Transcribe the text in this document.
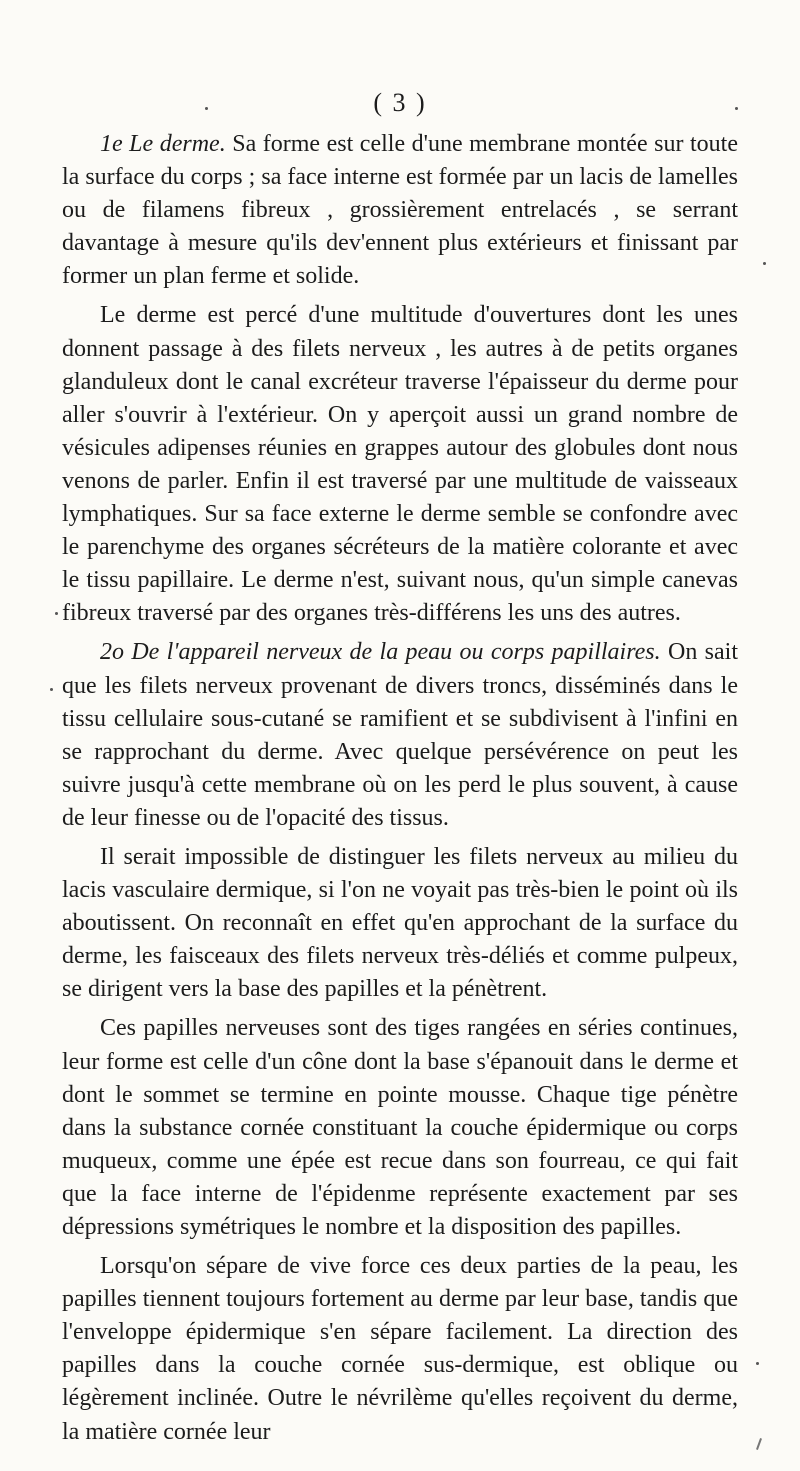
( 3 )

1e Le derme. Sa forme est celle d'une membrane montée sur toute la surface du corps ; sa face interne est formée par un lacis de lamelles ou de filamens fibreux , grossièrement entrelacés , se serrant davantage à mesure qu'ils dev'ennent plus extérieurs et finissant par former un plan ferme et solide.

Le derme est percé d'une multitude d'ouvertures dont les unes donnent passage à des filets nerveux , les autres à de petits organes glanduleux dont le canal excréteur traverse l'épaisseur du derme pour aller s'ouvrir à l'extérieur. On y aperçoit aussi un grand nombre de vésicules adipenses réunies en grappes autour des globules dont nous venons de parler. Enfin il est traversé par une multitude de vaisseaux lymphatiques. Sur sa face externe le derme semble se confondre avec le parenchyme des organes sécréteurs de la matière colorante et avec le tissu papillaire. Le derme n'est, suivant nous, qu'un simple canevas fibreux traversé par des organes très-différens les uns des autres.

2o De l'appareil nerveux de la peau ou corps papillaires. On sait que les filets nerveux provenant de divers troncs, disséminés dans le tissu cellulaire sous-cutané se ramifient et se subdivisent à l'infini en se rapprochant du derme. Avec quelque persévérence on peut les suivre jusqu'à cette membrane où on les perd le plus souvent, à cause de leur finesse ou de l'opacité des tissus.

Il serait impossible de distinguer les filets nerveux au milieu du lacis vasculaire dermique, si l'on ne voyait pas très-bien le point où ils aboutissent. On reconnaît en effet qu'en approchant de la surface du derme, les faisceaux des filets nerveux très-déliés et comme pulpeux, se dirigent vers la base des papilles et la pénètrent.

Ces papilles nerveuses sont des tiges rangées en séries continues, leur forme est celle d'un cône dont la base s'épanouit dans le derme et dont le sommet se termine en pointe mousse. Chaque tige pénètre dans la substance cornée constituant la couche épidermique ou corps muqueux, comme une épée est recue dans son fourreau, ce qui fait que la face interne de l'épidenme représente exactement par ses dépressions symétriques le nombre et la disposition des papilles.

Lorsqu'on sépare de vive force ces deux parties de la peau, les papilles tiennent toujours fortement au derme par leur base, tandis que l'enveloppe épidermique s'en sépare facilement. La direction des papilles dans la couche cornée sus-dermique, est oblique ou légèrement inclinée. Outre le névrilème qu'elles reçoivent du derme, la matière cornée leur
